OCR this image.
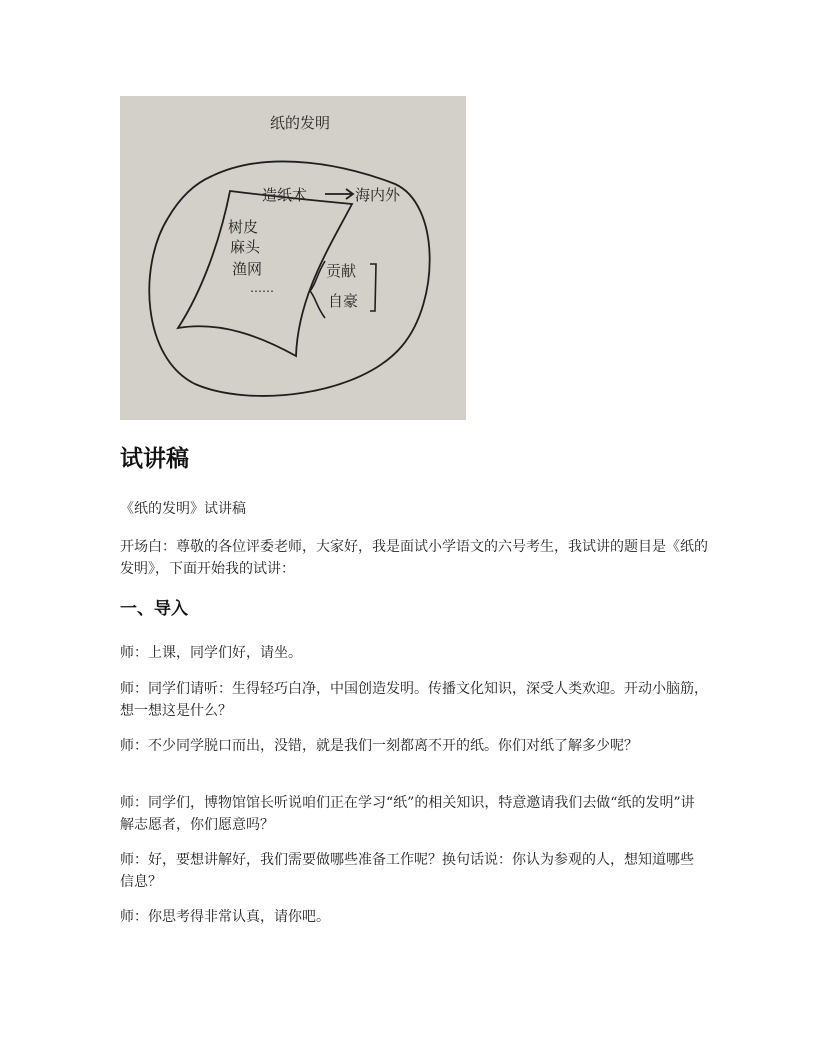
纸的发明
造纸术	海内外
树皮
麻头
渔网
……
贡献
自豪
试讲稿

《纸的发明》试讲稿

开场白：尊敬的各位评委老师，大家好，我是面试小学语文的六号考生，我试讲的题目是《纸的发明》，下面开始我的试讲：

一、导入

师：上课，同学们好，请坐。

师：同学们请听：生得轻巧白净，中国创造发明。传播文化知识，深受人类欢迎。开动小脑筋，想一想这是什么？

师：不少同学脱口而出，没错，就是我们一刻都离不开的纸。你们对纸了解多少呢？

师：同学们，博物馆馆长听说咱们正在学习“纸”的相关知识，特意邀请我们去做“纸的发明”讲解志愿者，你们愿意吗？

师：好，要想讲解好，我们需要做哪些准备工作呢？换句话说：你认为参观的人，想知道哪些信息？

师：你思考得非常认真，请你吧。
